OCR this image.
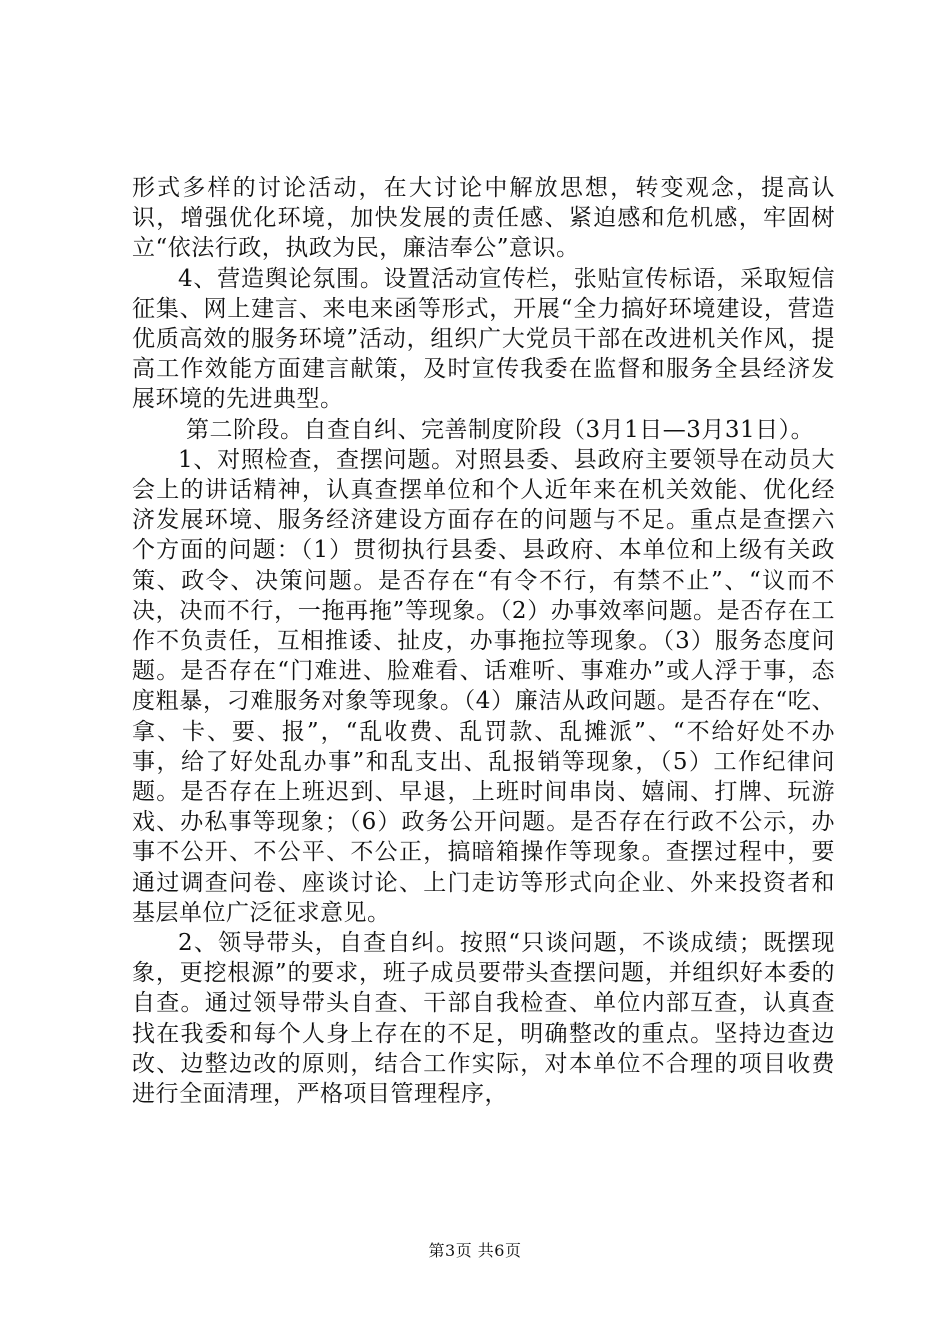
形式多样的讨论活动，在大讨论中解放思想，转变观念，提高认识，增强优化环境，加快发展的责任感、紧迫感和危机感，牢固树立“依法行政，执政为民，廉洁奉公”意识。

4、营造舆论氛围。设置活动宣传栏，张贴宣传标语，采取短信征集、网上建言、来电来函等形式，开展“全力搞好环境建设，营造优质高效的服务环境”活动，组织广大党员干部在改进机关作风，提高工作效能方面建言献策，及时宣传我委在监督和服务全县经济发展环境的先进典型。

第二阶段。自查自纠、完善制度阶段（3月1日—3月31日）。

1、对照检查，查摆问题。对照县委、县政府主要领导在动员大会上的讲话精神，认真查摆单位和个人近年来在机关效能、优化经济发展环境、服务经济建设方面存在的问题与不足。重点是查摆六个方面的问题：（1）贯彻执行县委、县政府、本单位和上级有关政策、政令、决策问题。是否存在“有令不行，有禁不止”、“议而不决，决而不行，一拖再拖”等现象。（2）办事效率问题。是否存在工作不负责任，互相推诿、扯皮，办事拖拉等现象。（3）服务态度问题。是否存在“门难进、脸难看、话难听、事难办”或人浮于事，态度粗暴，刁难服务对象等现象。（4）廉洁从政问题。是否存在“吃、拿、卡、要、报”，“乱收费、乱罚款、乱摊派”、“不给好处不办事，给了好处乱办事”和乱支出、乱报销等现象，（5）工作纪律问题。是否存在上班迟到、早退，上班时间串岗、嬉闹、打牌、玩游戏、办私事等现象；（6）政务公开问题。是否存在行政不公示，办事不公开、不公平、不公正，搞暗箱操作等现象。查摆过程中，要通过调查问卷、座谈讨论、上门走访等形式向企业、外来投资者和基层单位广泛征求意见。

2、领导带头，自查自纠。按照“只谈问题，不谈成绩；既摆现象，更挖根源”的要求，班子成员要带头查摆问题，并组织好本委的自查。通过领导带头自查、干部自我检查、单位内部互查，认真查找在我委和每个人身上存在的不足，明确整改的重点。坚持边查边改、边整边改的原则，结合工作实际，对本单位不合理的项目收费进行全面清理，严格项目管理程序，

第3页 共6页
